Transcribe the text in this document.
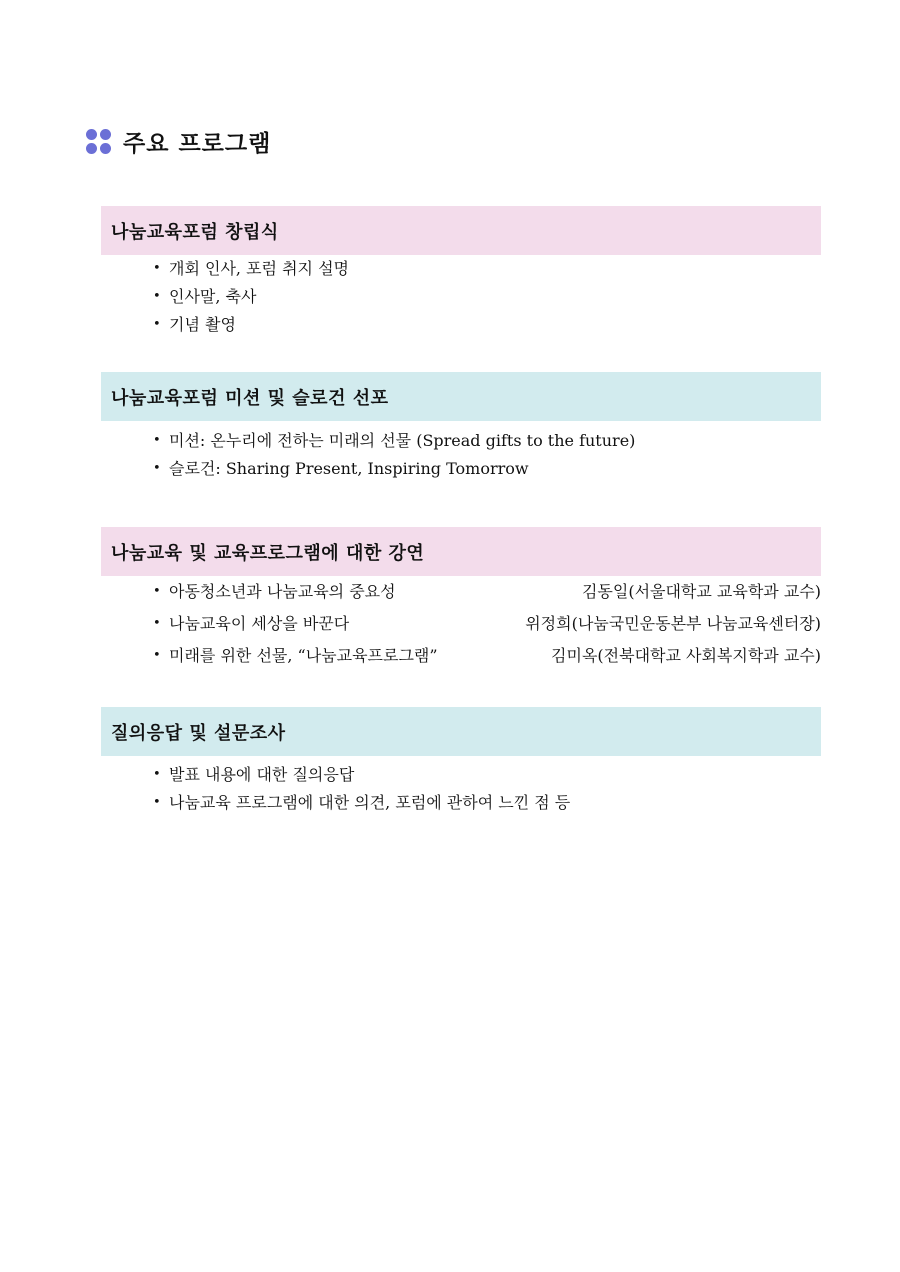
주요 프로그램
나눔교육포럼 창립식
• 개회 인사, 포럼 취지 설명
• 인사말, 축사
• 기념 촬영
나눔교육포럼 미션 및 슬로건 선포
• 미션: 온누리에 전하는 미래의 선물 (Spread gifts to the future)
• 슬로건: Sharing Present, Inspiring Tomorrow
나눔교육 및 교육프로그램에 대한 강연
• 아동청소년과 나눔교육의 중요성	김동일(서울대학교 교육학과 교수)
• 나눔교육이 세상을 바꾼다	위정희(나눔국민운동본부 나눔교육센터장)
• 미래를 위한 선물, “나눔교육프로그램”	김미옥(전북대학교 사회복지학과 교수)
질의응답 및 설문조사
• 발표 내용에 대한 질의응답
• 나눔교육 프로그램에 대한 의견, 포럼에 관하여 느낀 점 등
